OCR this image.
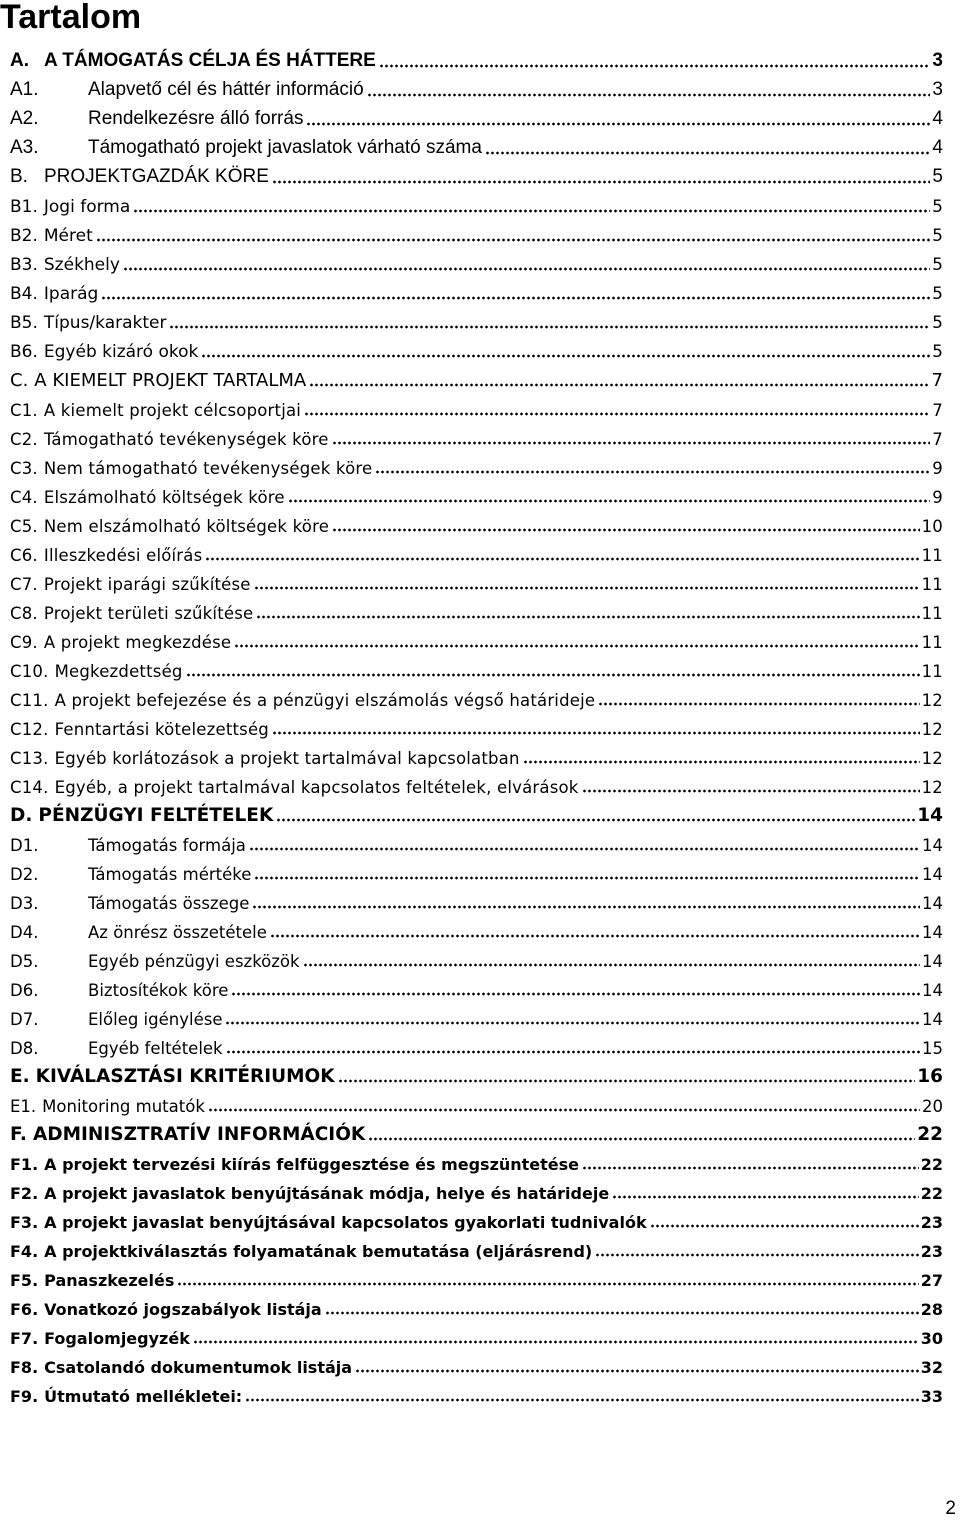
Tartalom
A. A TÁMOGATÁS CÉLJA ÉS HÁTTERE	3
A1.	Alapvető cél és háttér információ	3
A2.	Rendelkezésre álló forrás	4
A3.	Támogatható projekt javaslatok várható száma	4
B. PROJEKTGAZDÁK KÖRE	5
B1. Jogi forma	5
B2. Méret	5
B3. Székhely	5
B4. Iparág	5
B5. Típus/karakter	5
B6. Egyéb kizáró okok	5
C. A KIEMELT PROJEKT TARTALMA	7
C1. A kiemelt projekt célcsoportjai	7
C2. Támogatható tevékenységek köre	7
C3. Nem támogatható tevékenységek köre	9
C4. Elszámolható költségek köre	9
C5. Nem elszámolható költségek köre	10
C6. Illeszkedési előírás	11
C7. Projekt iparági szűkítése	11
C8. Projekt területi szűkítése	11
C9. A projekt megkezdése	11
C10. Megkezdettség	11
C11. A projekt befejezése és a pénzügyi elszámolás végső határideje	12
C12. Fenntartási kötelezettség	12
C13. Egyéb korlátozások a projekt tartalmával kapcsolatban	12
C14. Egyéb, a projekt tartalmával kapcsolatos feltételek, elvárások	12
D. PÉNZÜGYI FELTÉTELEK	14
D1.	Támogatás formája	14
D2.	Támogatás mértéke	14
D3.	Támogatás összege	14
D4.	Az önrész összetétele	14
D5.	Egyéb pénzügyi eszközök	14
D6.	Biztosítékok köre	14
D7.	Előleg igénylése	14
D8.	Egyéb feltételek	15
E. KIVÁLASZTÁSI KRITÉRIUMOK	16
E1. Monitoring mutatók	20
F. ADMINISZTRATÍV INFORMÁCIÓK	22
F1. A projekt tervezési kiírás felfüggesztése és megszüntetése	22
F2. A projekt javaslatok benyújtásának módja, helye és határideje	22
F3. A projekt javaslat benyújtásával kapcsolatos gyakorlati tudnivalók	23
F4. A projektkiválasztás folyamatának bemutatása (eljárásrend)	23
F5. Panaszkezelés	27
F6. Vonatkozó jogszabályok listája	28
F7. Fogalomjegyzék	30
F8. Csatolandó dokumentumok listája	32
F9. Útmutató mellékletei:	33
2
